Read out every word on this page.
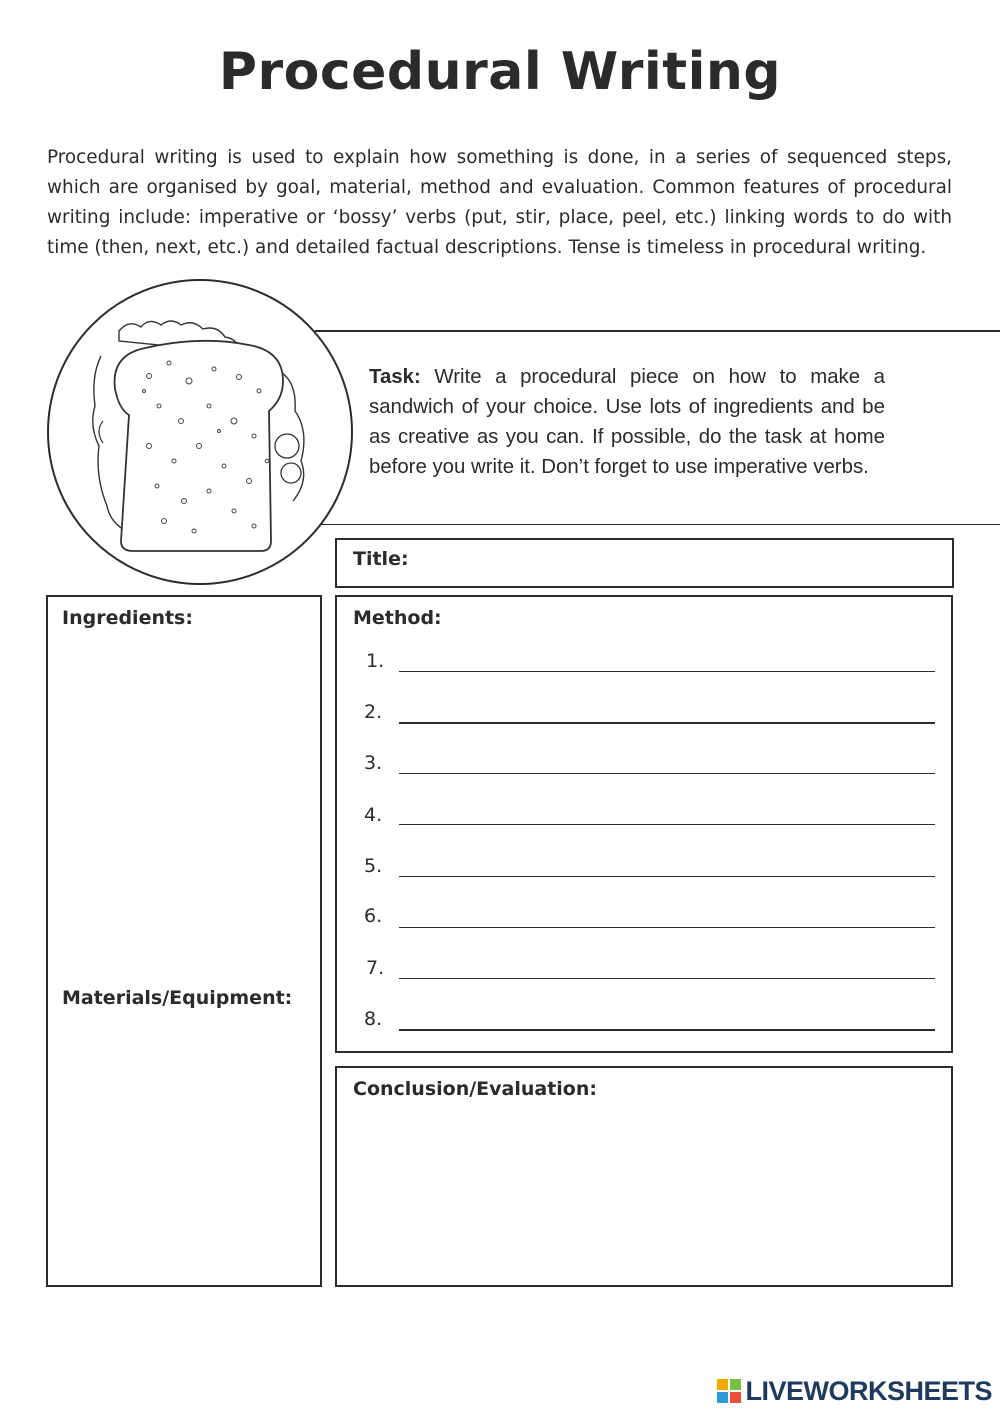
Procedural Writing
Procedural writing is used to explain how something is done, in a series of sequenced steps, which are organised by goal, material, method and evaluation. Common features of procedural writing include: imperative or ‘bossy’ verbs (put, stir, place, peel, etc.) linking words to do with time (then, next, etc.) and detailed factual descriptions. Tense is timeless in procedural writing.
Task: Write a procedural piece on how to make a sandwich of your choice. Use lots of ingredients and be as creative as you can. If possible, do the task at home before you write it. Don’t forget to use imperative verbs.
Title:
Ingredients:
Materials/Equipment:
Method:
1.
2.
3.
4.
5.
6.
7.
8.
Conclusion/Evaluation:
LIVEWORKSHEETS
